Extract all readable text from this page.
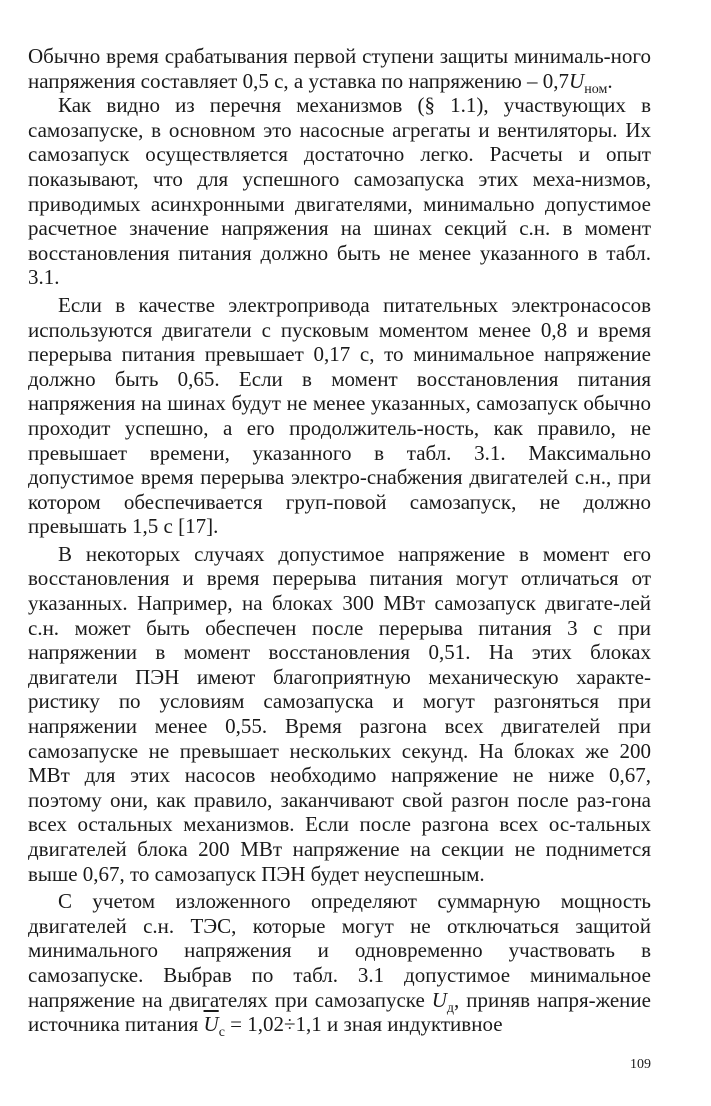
Обычно время срабатывания первой ступени защиты минималь-ного напряжения составляет 0,5 с, а уставка по напряжению – $0,7U_{ном}$.

Как видно из перечня механизмов (§ 1.1), участвующих в самозапуске, в основном это насосные агрегаты и вентиляторы. Их самозапуск осуществляется достаточно легко. Расчеты и опыт показывают, что для успешного самозапуска этих меха-низмов, приводимых асинхронными двигателями, минимально допустимое расчетное значение напряжения на шинах секций с.н. в момент восстановления питания должно быть не менее указанного в табл. 3.1.

Если в качестве электропривода питательных электронасосов используются двигатели с пусковым моментом менее 0,8 и время перерыва питания превышает 0,17 с, то минимальное напряжение должно быть 0,65. Если в момент восстановления питания напряжения на шинах будут не менее указанных, самозапуск обычно проходит успешно, а его продолжитель-ность, как правило, не превышает времени, указанного в табл. 3.1. Максимально допустимое время перерыва электро-снабжения двигателей с.н., при котором обеспечивается груп-повой самозапуск, не должно превышать 1,5 с [17].

В некоторых случаях допустимое напряжение в момент его восстановления и время перерыва питания могут отличаться от указанных. Например, на блоках 300 МВт самозапуск двигате-лей с.н. может быть обеспечен после перерыва питания 3 с при напряжении в момент восстановления 0,51. На этих блоках двигатели ПЭН имеют благоприятную механическую характе-ристику по условиям самозапуска и могут разгоняться при напряжении менее 0,55. Время разгона всех двигателей при самозапуске не превышает нескольких секунд. На блоках же 200 МВт для этих насосов необходимо напряжение не ниже 0,67, поэтому они, как правило, заканчивают свой разгон после раз-гона всех остальных механизмов. Если после разгона всех ос-тальных двигателей блока 200 МВт напряжение на секции не поднимется выше 0,67, то самозапуск ПЭН будет неуспешным.

С учетом изложенного определяют суммарную мощность двигателей с.н. ТЭС, которые могут не отключаться защитой минимального напряжения и одновременно участвовать в самозапуске. Выбрав по табл. 3.1 допустимое минимальное напряжение на двигателях при самозапуске $U_д$, приняв напря-жение источника питания $\overline{U}_с = 1,02\div 1,1$ и зная индуктивное

109
